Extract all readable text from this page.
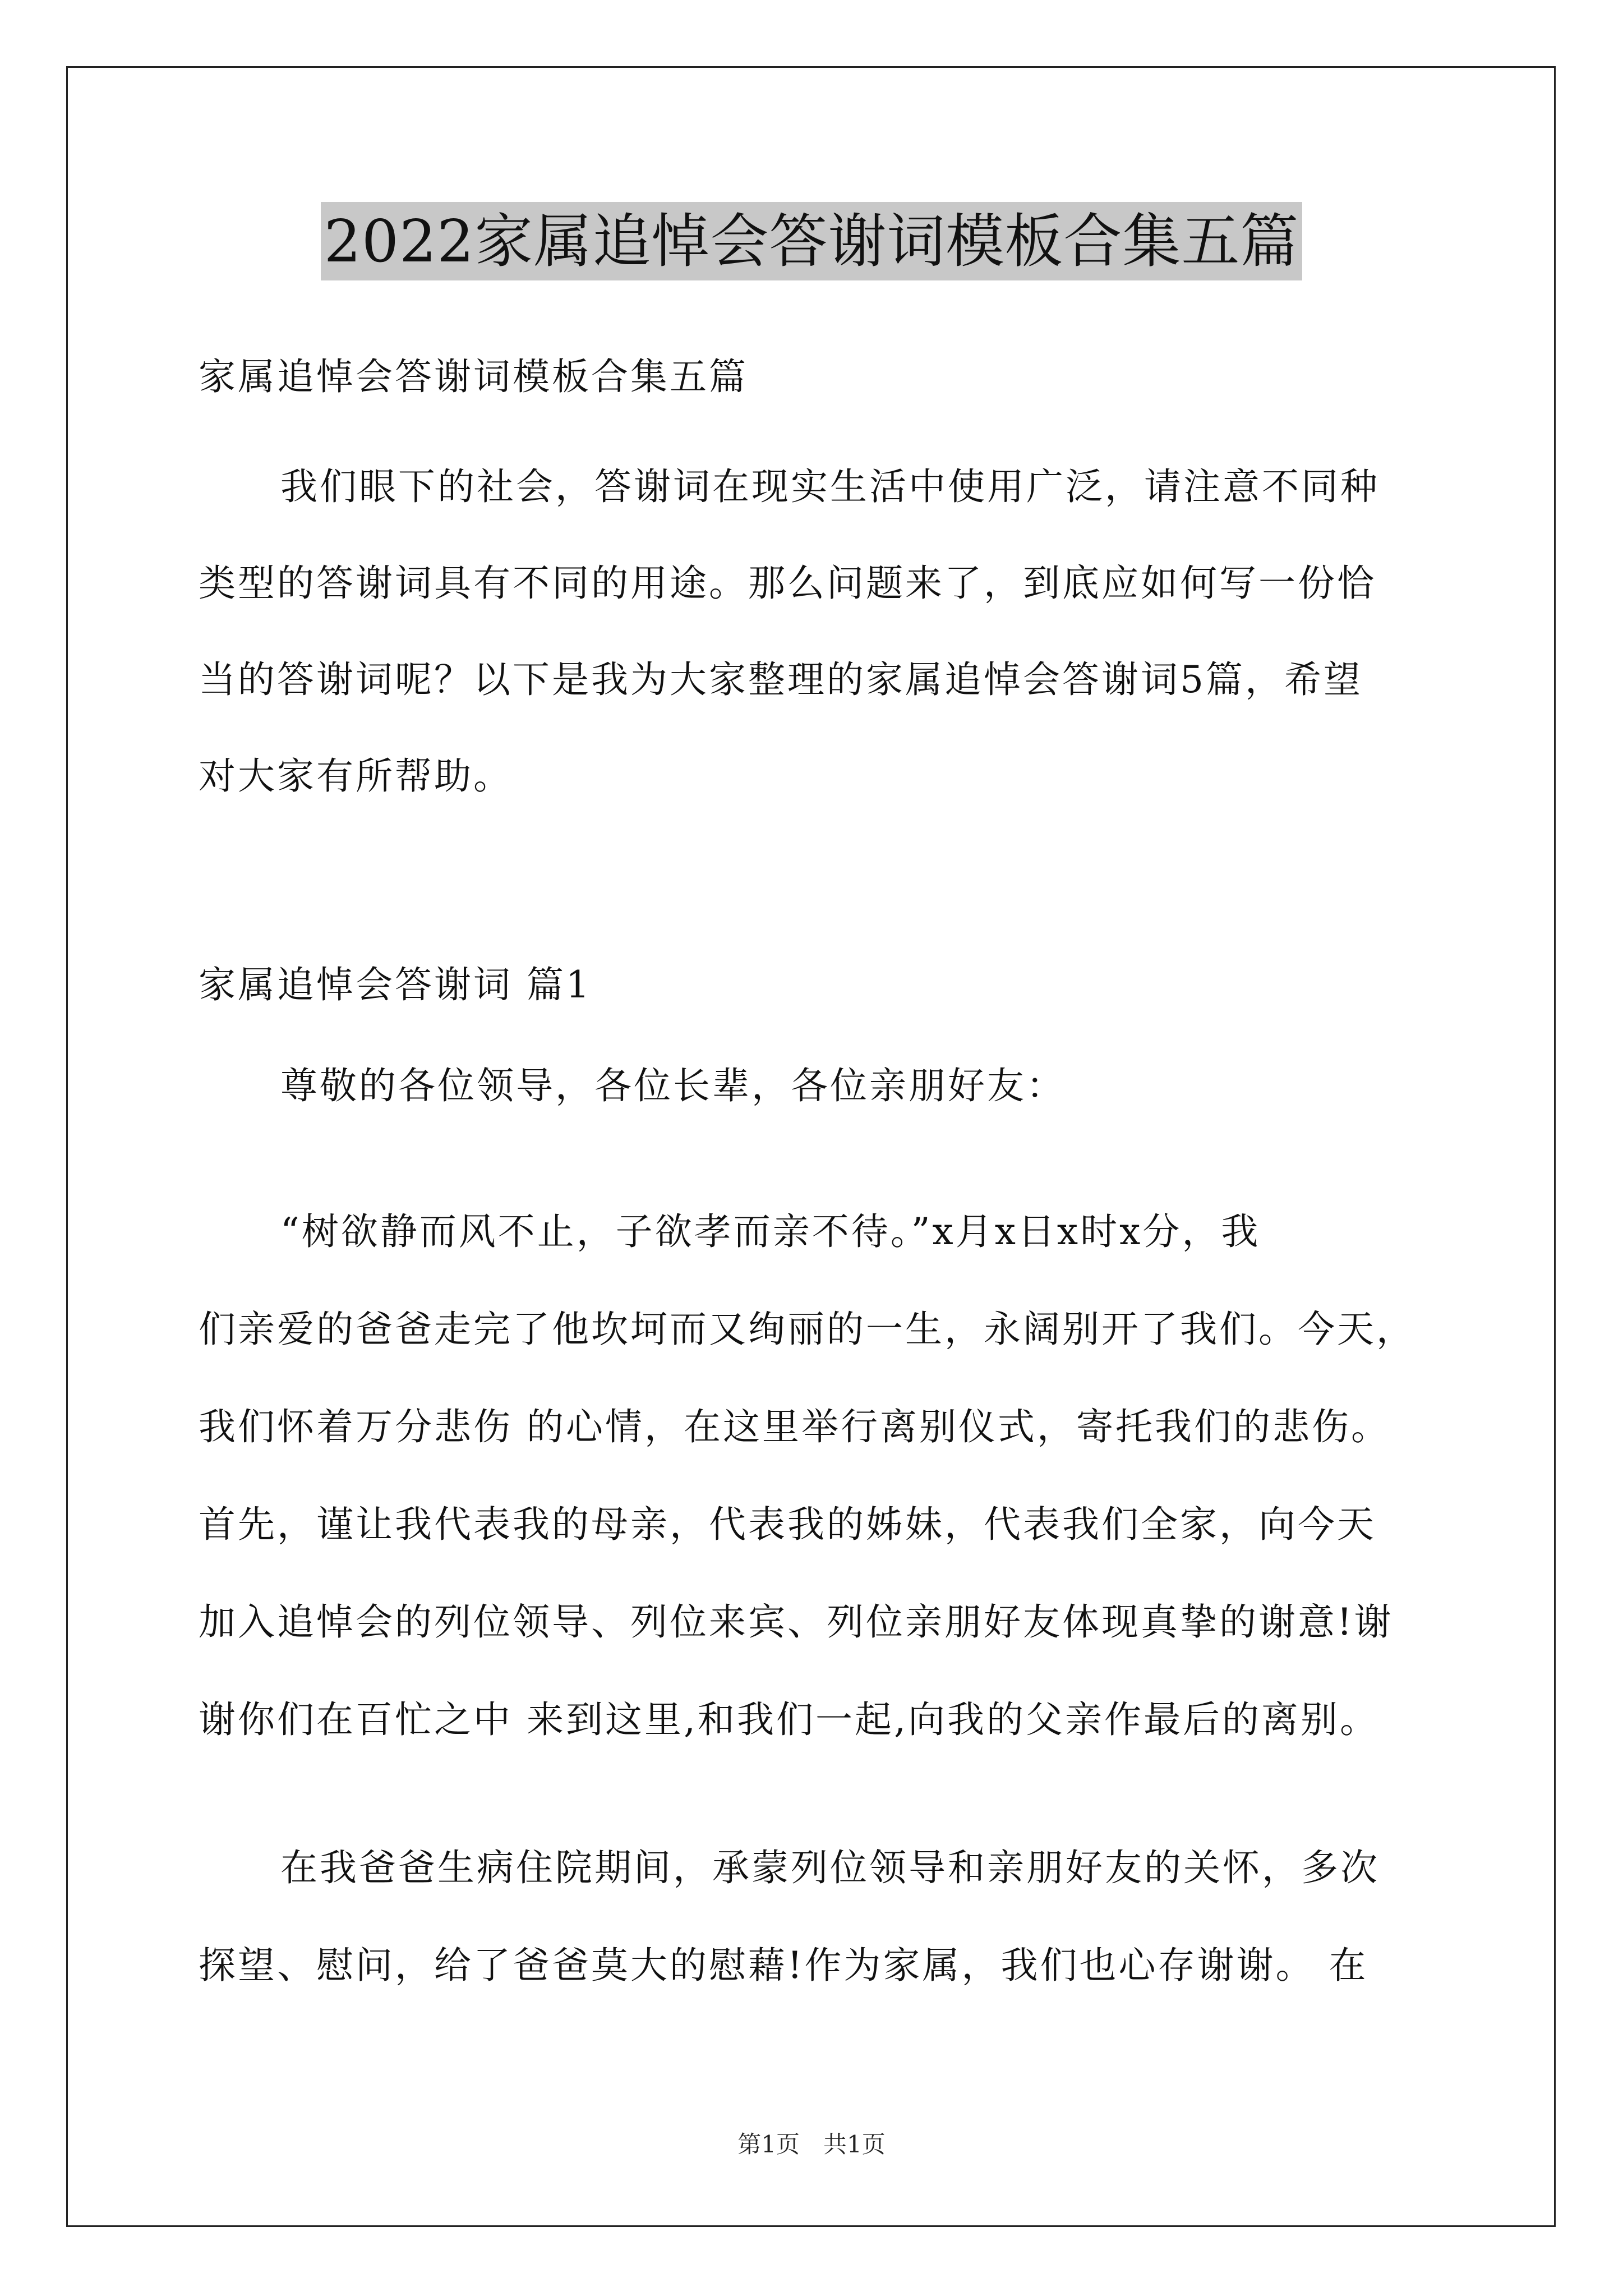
2022家属追悼会答谢词模板合集五篇
家属追悼会答谢词模板合集五篇
我们眼下的社会，答谢词在现实生活中使用广泛，请注意不同种
类型的答谢词具有不同的用途。那么问题来了，到底应如何写一份恰
当的答谢词呢？以下是我为大家整理的家属追悼会答谢词5篇，希望
对大家有所帮助。
家属追悼会答谢词 篇1
尊敬的各位领导，各位长辈，各位亲朋好友：
“树欲静而风不止，子欲孝而亲不待。”x月x日x时x分，我
们亲爱的爸爸走完了他坎坷而又绚丽的一生，永阔别开了我们。今天，
我们怀着万分悲伤 的心情，在这里举行离别仪式，寄托我们的悲伤。
首先，谨让我代表我的母亲，代表我的姊妹，代表我们全家，向今天
加入追悼会的列位领导、列位来宾、列位亲朋好友体现真挚的谢意!谢
谢你们在百忙之中 来到这里,和我们一起,向我的父亲作最后的离别。
在我爸爸生病住院期间，承蒙列位领导和亲朋好友的关怀，多次
探望、慰问，给了爸爸莫大的慰藉!作为家属，我们也心存谢谢。 在
第1页　共1页
